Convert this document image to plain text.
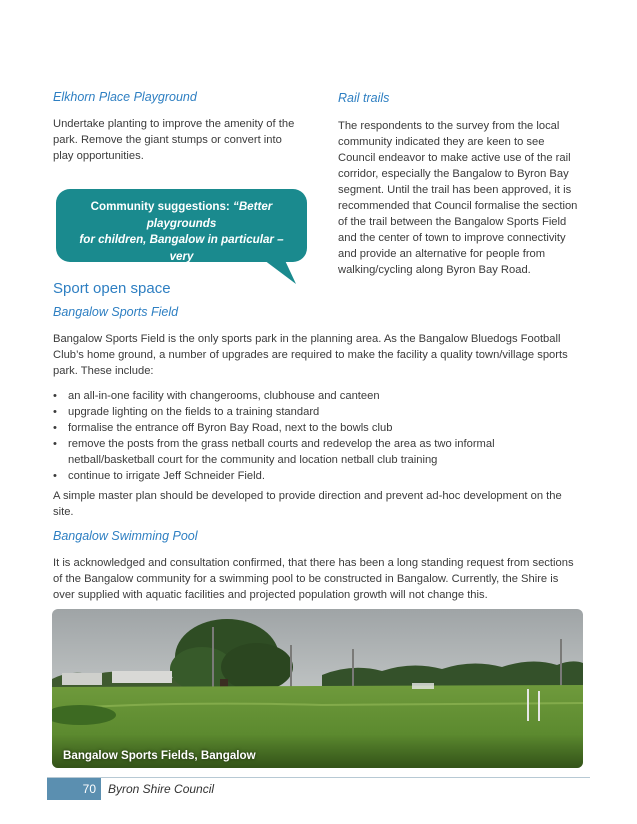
Elkhorn Place Playground
Undertake planting to improve the amenity of the
park. Remove the giant stumps or convert into
play opportunities.
Rail trails
The respondents to the survey from the local
community indicated they are keen to see
Council endeavor to make active use of the rail
corridor, especially the Bangalow to Byron Bay
segment. Until the trail has been approved, it is
recommended that Council formalise the section
of the trail between the Bangalow Sports Field
and the center of town to improve connectivity
and provide an alternative for people from
walking/cycling along Byron Bay Road.
Community suggestions: “Better playgrounds
for children, Bangalow in particular – very
poor for a town with so many young families”
Sport open space
Bangalow Sports Field
Bangalow Sports Field is the only sports park in the planning area. As the Bangalow Bluedogs Football
Club’s home ground, a number of upgrades are required to make the facility a quality town/village sports
park. These include:
• an all-in-one facility with changerooms, clubhouse and canteen
• upgrade lighting on the fields to a training standard
• formalise the entrance off Byron Bay Road, next to the bowls club
• remove the posts from the grass netball courts and redevelop the area as two informal
netball/basketball court for the community and location netball club training
• continue to irrigate Jeff Schneider Field.
A simple master plan should be developed to provide direction and prevent ad-hoc development on the
site.
Bangalow Swimming Pool
It is acknowledged and consultation confirmed, that there has been a long standing request from sections
of the Bangalow community for a swimming pool to be constructed in Bangalow. Currently, the Shire is
over supplied with aquatic facilities and projected population growth will not change this.
Bangalow Sports Fields, Bangalow
70 Byron Shire Council
